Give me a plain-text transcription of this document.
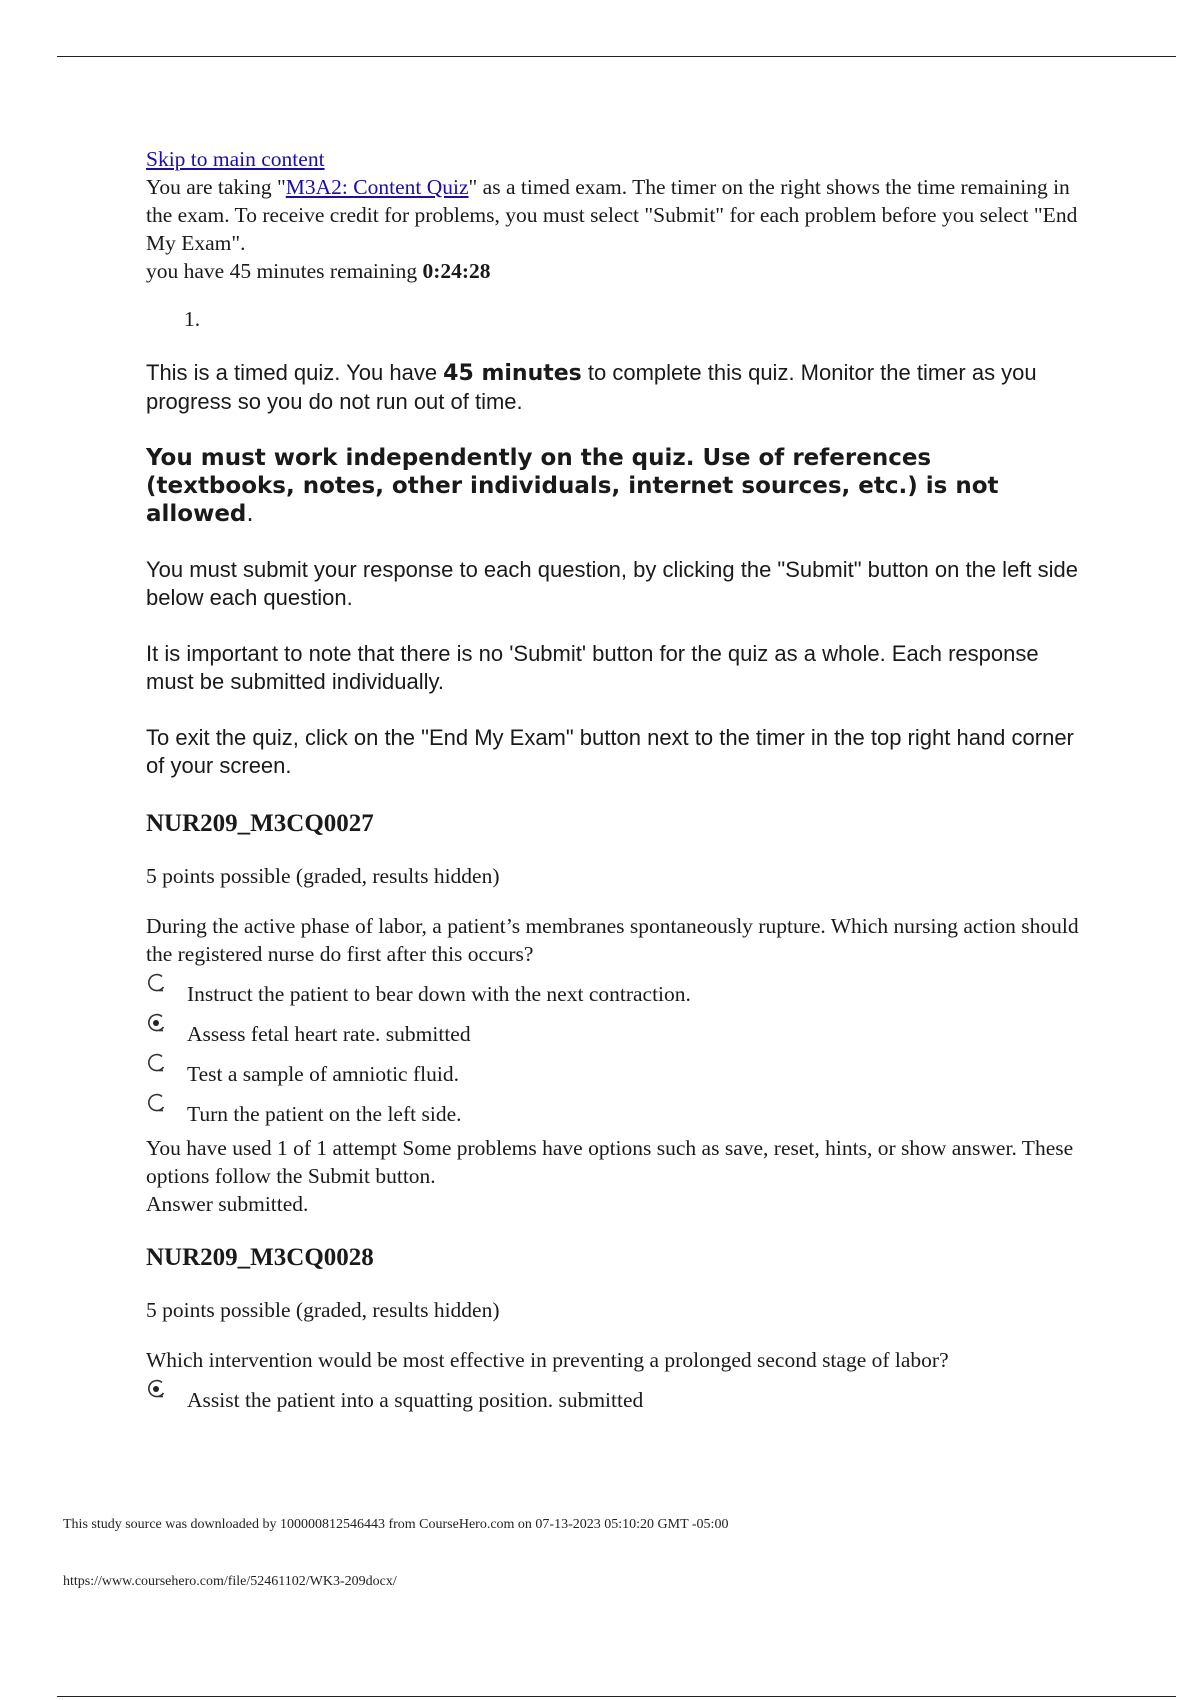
Skip to main content
You are taking "M3A2: Content Quiz" as a timed exam. The timer on the right shows the time remaining in the exam. To receive credit for problems, you must select "Submit" for each problem before you select "End My Exam".
you have 45 minutes remaining 0:24:28
1.

This is a timed quiz. You have 45 minutes to complete this quiz. Monitor the timer as you progress so you do not run out of time.

You must work independently on the quiz. Use of references (textbooks, notes, other individuals, internet sources, etc.) is not allowed.

You must submit your response to each question, by clicking the "Submit" button on the left side below each question.

It is important to note that there is no 'Submit' button for the quiz as a whole. Each response must be submitted individually.

To exit the quiz, click on the "End My Exam" button next to the timer in the top right hand corner of your screen.

NUR209_M3CQ0027
5 points possible (graded, results hidden)
During the active phase of labor, a patient’s membranes spontaneously rupture. Which nursing action should the registered nurse do first after this occurs?
Instruct the patient to bear down with the next contraction.
Assess fetal heart rate. submitted
Test a sample of amniotic fluid.
Turn the patient on the left side.
You have used 1 of 1 attempt Some problems have options such as save, reset, hints, or show answer. These options follow the Submit button.
Answer submitted.
NUR209_M3CQ0028
5 points possible (graded, results hidden)
Which intervention would be most effective in preventing a prolonged second stage of labor?
Assist the patient into a squatting position. submitted
This study source was downloaded by 100000812546443 from CourseHero.com on 07-13-2023 05:10:20 GMT -05:00
https://www.coursehero.com/file/52461102/WK3-209docx/
